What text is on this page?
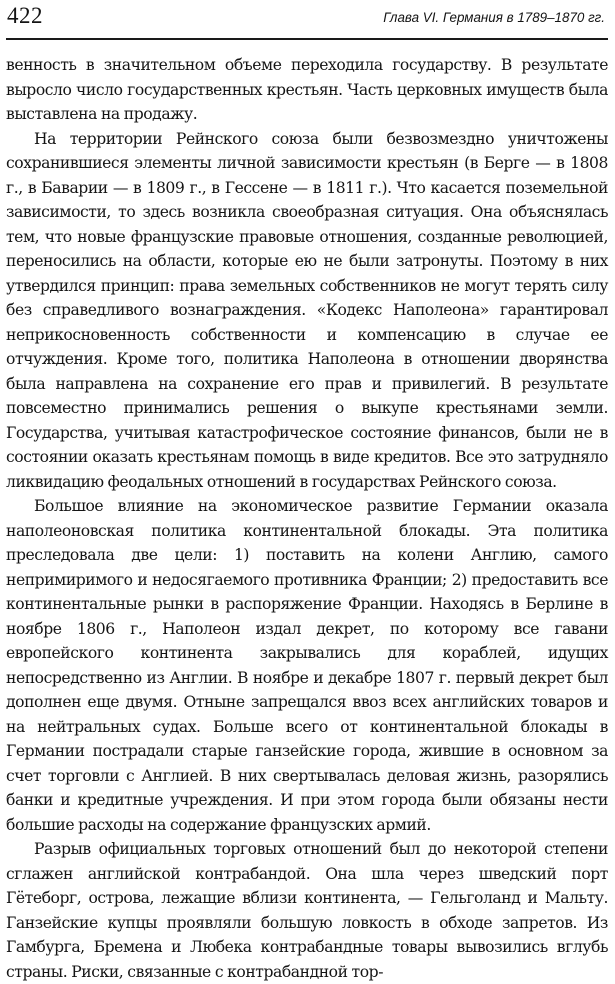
422	Глава VI. Германия в 1789–1870 гг.

венность в значительном объеме переходила государству. В результате выросло число государственных крестьян. Часть церковных имуществ была выставлена на продажу.

На территории Рейнского союза были безвозмездно уничтожены сохранившиеся элементы личной зависимости крестьян (в Берге — в 1808 г., в Баварии — в 1809 г., в Гессене — в 1811 г.). Что касается поземельной зависимости, то здесь возникла своеобразная ситуация. Она объяснялась тем, что новые французские правовые отношения, созданные революцией, переносились на области, которые ею не были затронуты. Поэтому в них утвердился принцип: права земельных собственников не могут терять силу без справедливого вознаграждения. «Кодекс Наполеона» гарантировал неприкосновенность собственности и компенсацию в случае ее отчуждения. Кроме того, политика Наполеона в отношении дворянства была направлена на сохранение его прав и привилегий. В результате повсеместно принимались решения о выкупе крестьянами земли. Государства, учитывая катастрофическое состояние финансов, были не в состоянии оказать крестьянам помощь в виде кредитов. Все это затрудняло ликвидацию феодальных отношений в государствах Рейнского союза.

Большое влияние на экономическое развитие Германии оказала наполеоновская политика континентальной блокады. Эта политика преследовала две цели: 1) поставить на колени Англию, самого непримиримого и недосягаемого противника Франции; 2) предоставить все континентальные рынки в распоряжение Франции. Находясь в Берлине в ноябре 1806 г., Наполеон издал декрет, по которому все гавани европейского континента закрывались для кораблей, идущих непосредственно из Англии. В ноябре и декабре 1807 г. первый декрет был дополнен еще двумя. Отныне запрещался ввоз всех английских товаров и на нейтральных судах. Больше всего от континентальной блокады в Германии пострадали старые ганзейские города, жившие в основном за счет торговли с Англией. В них свертывалась деловая жизнь, разорялись банки и кредитные учреждения. И при этом города были обязаны нести большие расходы на содержание французских армий.

Разрыв официальных торговых отношений был до некоторой степени сглажен английской контрабандой. Она шла через шведский порт Гётеборг, острова, лежащие вблизи континента, — Гельголанд и Мальту. Ганзейские купцы проявляли большую ловкость в обходе запретов. Из Гамбурга, Бремена и Любека контрабандные товары вывозились вглубь страны. Риски, связанные с контрабандной тор-
